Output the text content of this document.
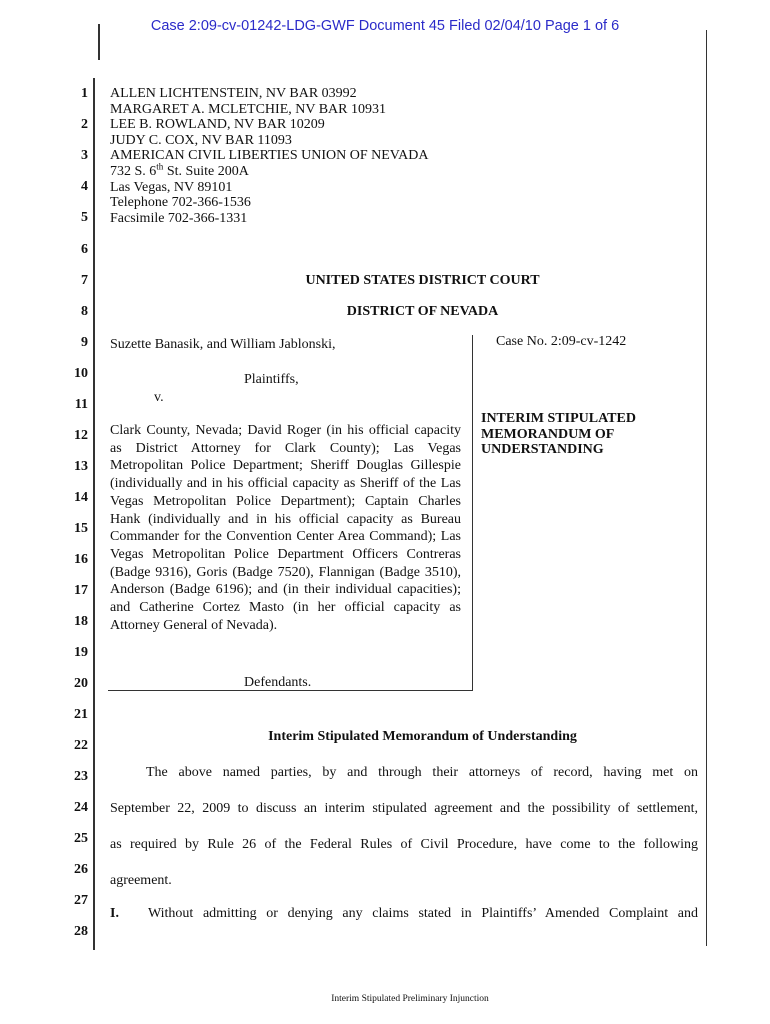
Case 2:09-cv-01242-LDG-GWF Document 45 Filed 02/04/10 Page 1 of 6
1
2
3
4
5
6
7
8
9
10
11
12
13
14
15
16
17
18
19
20
21
22
23
24
25
26
27
28
ALLEN LICHTENSTEIN, NV BAR 03992
MARGARET A. MCLETCHIE, NV BAR 10931
LEE B. ROWLAND, NV BAR 10209
JUDY C. COX, NV BAR 11093
AMERICAN CIVIL LIBERTIES UNION OF NEVADA
732 S. 6th St. Suite 200A
Las Vegas, NV 89101
Telephone 702-366-1536
Facsimile 702-366-1331
UNITED STATES DISTRICT COURT
DISTRICT OF NEVADA
Suzette Banasik, and William Jablonski,
Plaintiffs,
v.
Clark County, Nevada; David Roger (in his official capacity as District Attorney for Clark County); Las Vegas Metropolitan Police Department; Sheriff Douglas Gillespie (individually and in his official capacity as Sheriff of the Las Vegas Metropolitan Police Department); Captain Charles Hank (individually and in his official capacity as Bureau Commander for the Convention Center Area Command); Las Vegas Metropolitan Police Department Officers Contreras (Badge 9316), Goris (Badge 7520), Flannigan (Badge 3510), Anderson (Badge 6196); and (in their individual capacities); and Catherine Cortez Masto (in her official capacity as Attorney General of Nevada).
Defendants.
Case No. 2:09-cv-1242
INTERIM STIPULATED
MEMORANDUM OF
UNDERSTANDING
Interim Stipulated Memorandum of Understanding
The above named parties, by and through their attorneys of record, having met on
September 22, 2009 to discuss an interim stipulated agreement and the possibility of settlement,
as required by Rule 26 of the Federal Rules of Civil Procedure, have come to the following
agreement.
I. Without admitting or denying any claims stated in Plaintiffs’ Amended Complaint and
Interim Stipulated Preliminary Injunction
